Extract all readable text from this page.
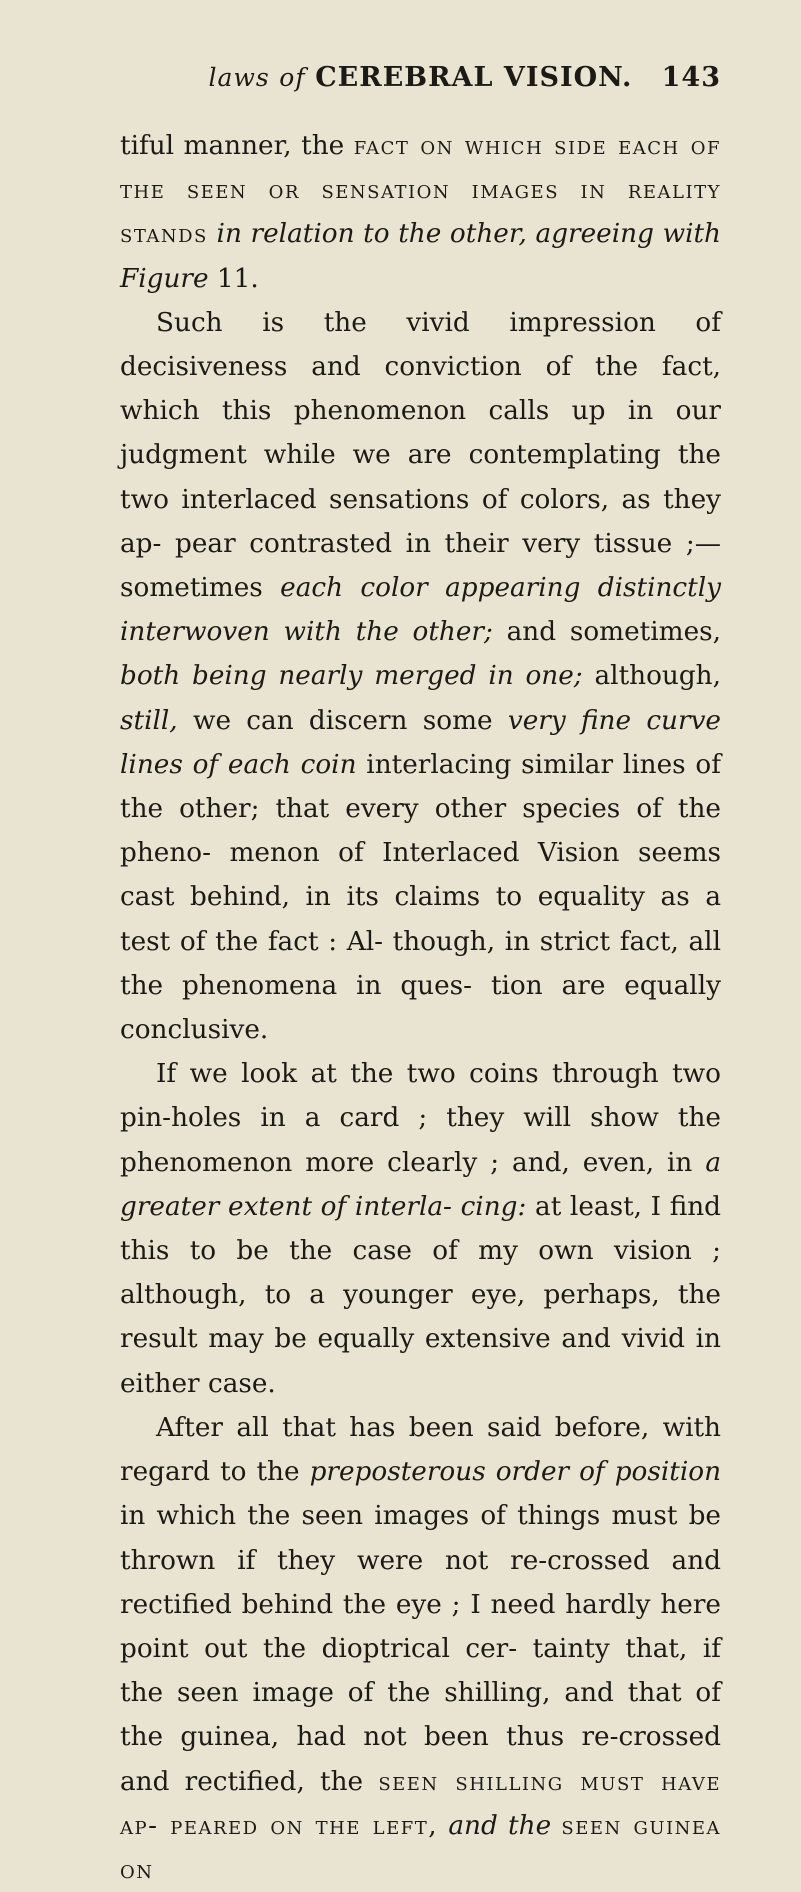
laws of CEREBRAL VISION.	143

tiful manner, the fact on which side each of the seen or sensation images in reality stands in relation to the other, agreeing with Figure 11.

Such is the vivid impression of decisiveness and conviction of the fact, which this phenomenon calls up in our judgment while we are contemplating the two interlaced sensations of colors, as they ap- pear contrasted in their very tissue ;—sometimes each color appearing distinctly interwoven with the other; and sometimes, both being nearly merged in one; although, still, we can discern some very fine curve lines of each coin interlacing similar lines of the other; that every other species of the pheno- menon of Interlaced Vision seems cast behind, in its claims to equality as a test of the fact : Al- though, in strict fact, all the phenomena in ques- tion are equally conclusive.

If we look at the two coins through two pin-holes in a card ; they will show the phenomenon more clearly ; and, even, in a greater extent of interla- cing: at least, I find this to be the case of my own vision ; although, to a younger eye, perhaps, the result may be equally extensive and vivid in either case.

After all that has been said before, with regard to the preposterous order of position in which the seen images of things must be thrown if they were not re-crossed and rectified behind the eye ; I need hardly here point out the dioptrical cer- tainty that, if the seen image of the shilling, and that of the guinea, had not been thus re-crossed and rectified, the seen shilling must have ap- peared on the left, and the seen guinea on
